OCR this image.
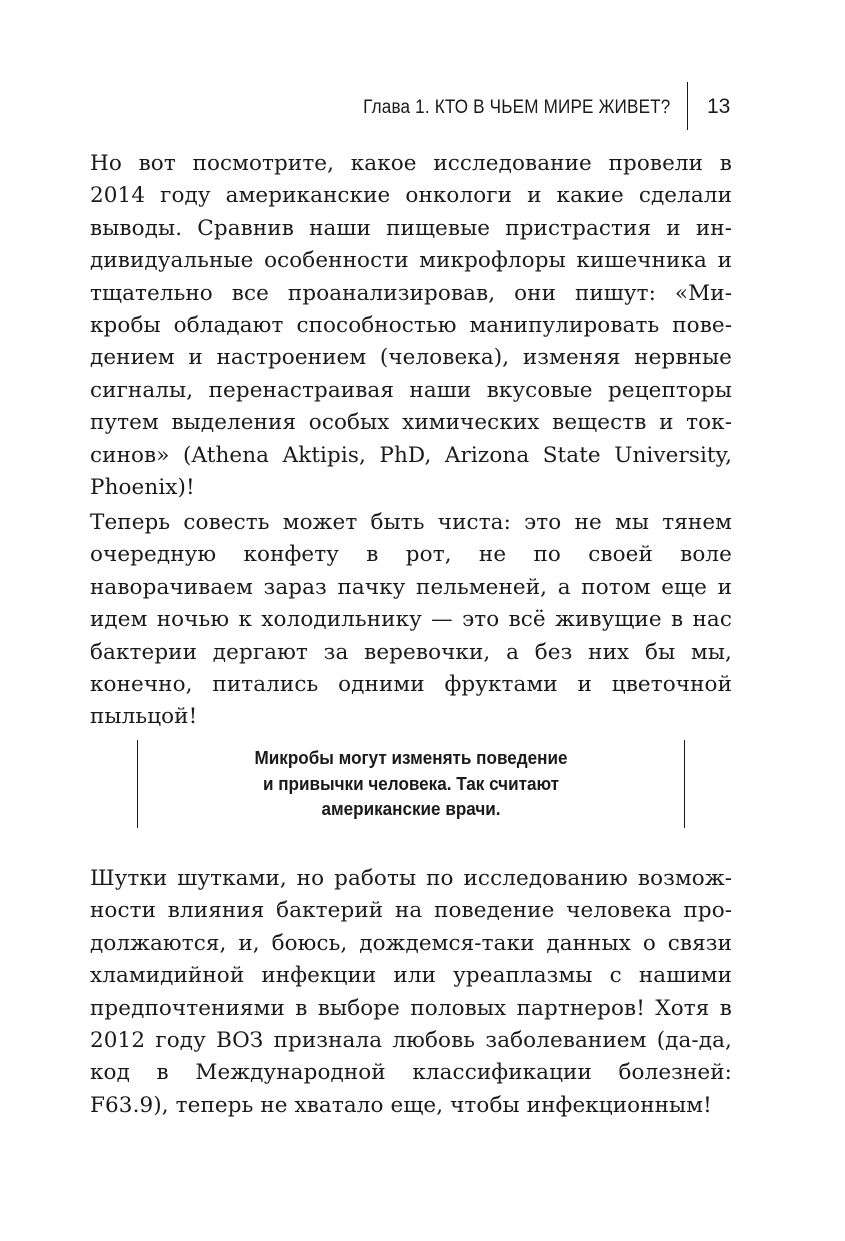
Глава 1. КТО В ЧЬЕМ МИРЕ ЖИВЕТ? 13

Но вот посмотрите, какое исследование провели в 2014 году американские онкологи и какие сделали выводы. Сравнив наши пищевые пристрастия и индивидуальные особенности микрофлоры кишечника и тщательно все проанализировав, они пишут: «Микробы обладают способностью манипулировать поведением и настроением (человека), изменяя нервные сигналы, перенастраивая наши вкусовые рецепторы путем выделения особых химических веществ и токсинов» (Athena Aktipis, PhD, Arizona State University, Phoenix)!

Теперь совесть может быть чиста: это не мы тянем очередную конфету в рот, не по своей воле наворачиваем зараз пачку пельменей, а потом еще и идем ночью к холодильнику — это всё живущие в нас бактерии дергают за веревочки, а без них бы мы, конечно, питались одними фруктами и цветочной пыльцой!

Микробы могут изменять поведение
и привычки человека. Так считают
американские врачи.

Шутки шутками, но работы по исследованию возможности влияния бактерий на поведение человека продолжаются, и, боюсь, дождемся-таки данных о связи хламидийной инфекции или уреаплазмы с нашими предпочтениями в выборе половых партнеров! Хотя в 2012 году ВОЗ признала любовь заболеванием (да-да, код в Международной классификации болезней: F63.9), теперь не хватало еще, чтобы инфекционным!
